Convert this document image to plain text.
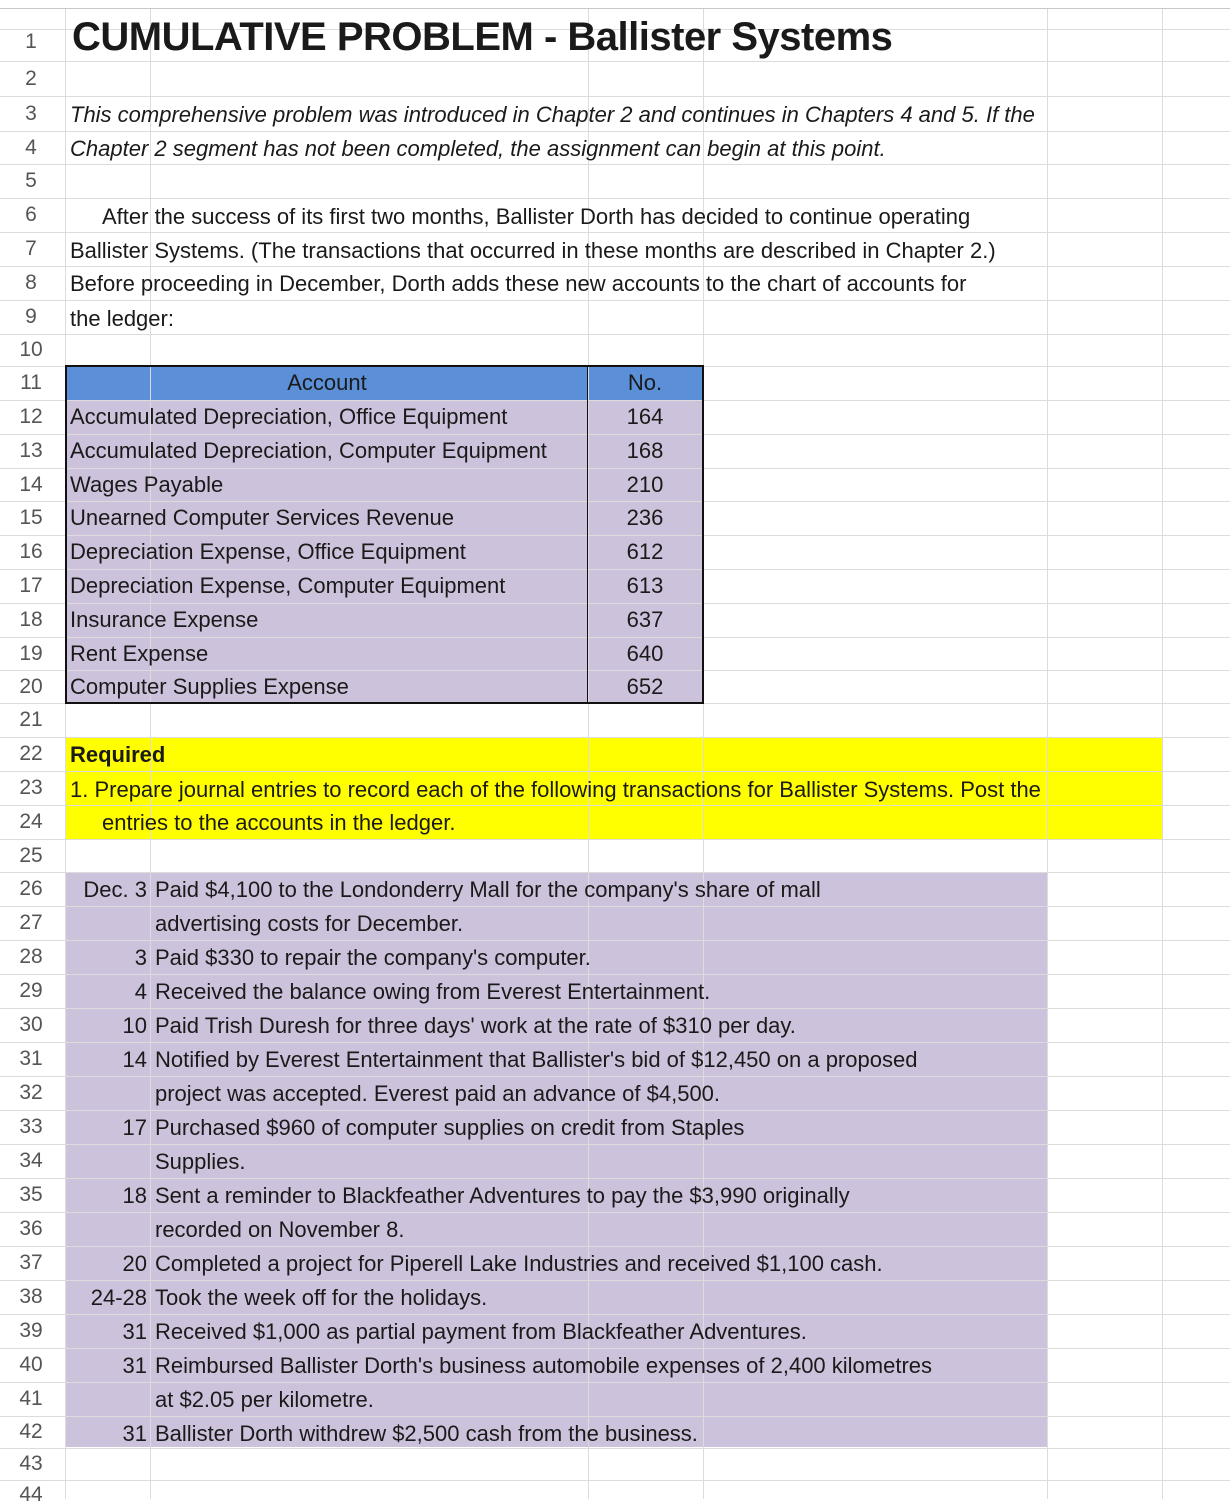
1
2
3
4
5
6
7
8
9
10
11
12
13
14
15
16
17
18
19
20
21
22
23
24
25
26
27
28
29
30
31
32
33
34
35
36
37
38
39
40
41
42
43
44
CUMULATIVE PROBLEM - Ballister Systems
This comprehensive problem was introduced in Chapter 2 and continues in Chapters 4 and 5. If the
Chapter 2 segment has not been completed, the assignment can begin at this point.
After the success of its first two months, Ballister Dorth has decided to continue operating
Ballister Systems. (The transactions that occurred in these months are described in Chapter 2.)
Before proceeding in December, Dorth adds these new accounts to the chart of accounts for
the ledger:
Account	No.
Accumulated Depreciation, Office Equipment	164
Accumulated Depreciation, Computer Equipment	168
Wages Payable	210
Unearned Computer Services Revenue	236
Depreciation Expense, Office Equipment	612
Depreciation Expense, Computer Equipment	613
Insurance Expense	637
Rent Expense	640
Computer Supplies Expense	652
Required
1. Prepare journal entries to record each of the following transactions for Ballister Systems. Post the
entries to the accounts in the ledger.
Dec. 3 Paid $4,100 to the Londonderry Mall for the company's share of mall
advertising costs for December.
3 Paid $330 to repair the company's computer.
4 Received the balance owing from Everest Entertainment.
10 Paid Trish Duresh for three days' work at the rate of $310 per day.
14 Notified by Everest Entertainment that Ballister's bid of $12,450 on a proposed
project was accepted. Everest paid an advance of $4,500.
17 Purchased $960 of computer supplies on credit from Staples
Supplies.
18 Sent a reminder to Blackfeather Adventures to pay the $3,990 originally
recorded on November 8.
20 Completed a project for Piperell Lake Industries and received $1,100 cash.
24-28 Took the week off for the holidays.
31 Received $1,000 as partial payment from Blackfeather Adventures.
31 Reimbursed Ballister Dorth's business automobile expenses of 2,400 kilometres
at $2.05 per kilometre.
31 Ballister Dorth withdrew $2,500 cash from the business.
